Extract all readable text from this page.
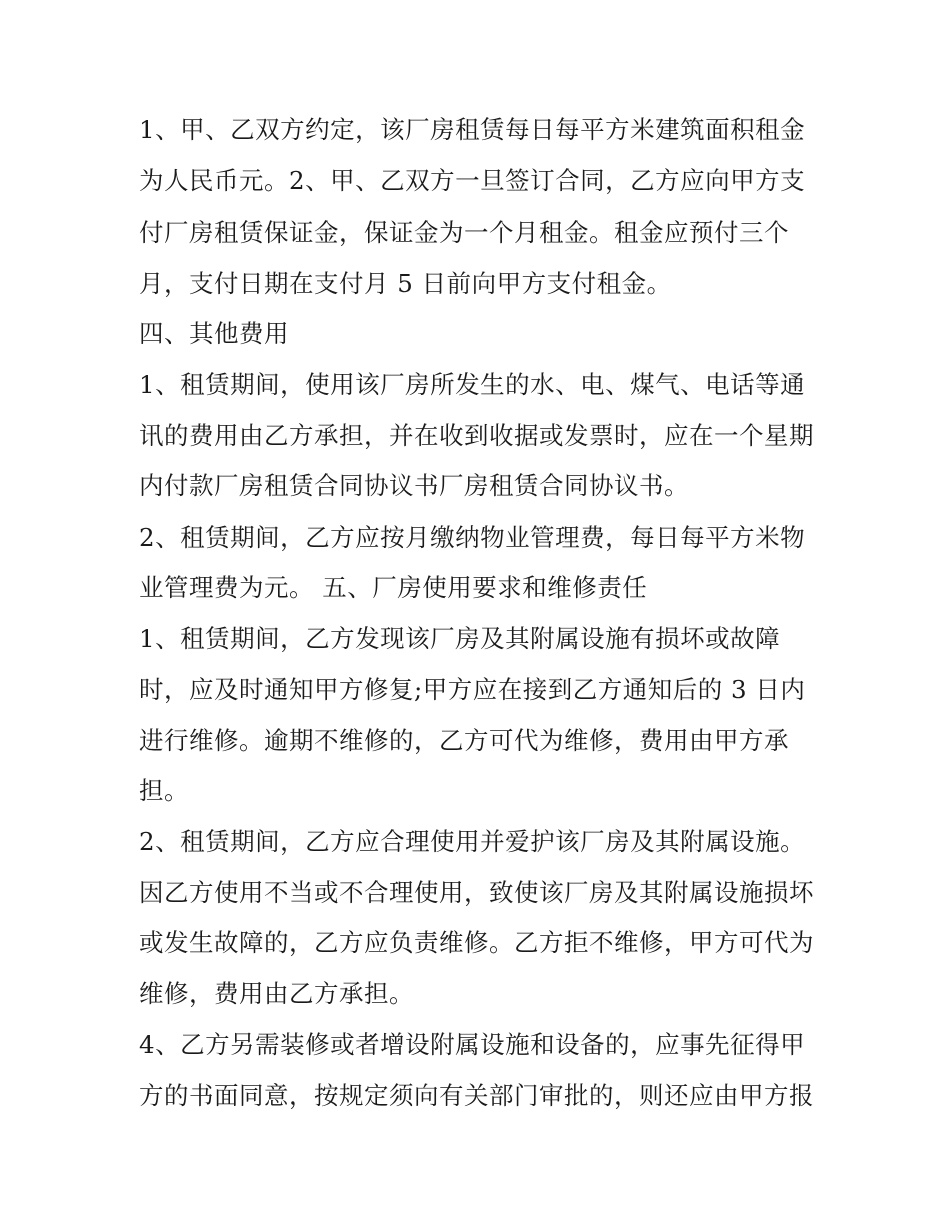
1、甲、乙双方约定，该厂房租赁每日每平方米建筑面积租金
为人民币元。2、甲、乙双方一旦签订合同，乙方应向甲方支
付厂房租赁保证金，保证金为一个月租金。租金应预付三个
月，支付日期在支付月 5 日前向甲方支付租金。
四、其他费用
1、租赁期间，使用该厂房所发生的水、电、煤气、电话等通
讯的费用由乙方承担，并在收到收据或发票时，应在一个星期
内付款厂房租赁合同协议书厂房租赁合同协议书。
2、租赁期间，乙方应按月缴纳物业管理费，每日每平方米物
业管理费为元。 五、厂房使用要求和维修责任
1、租赁期间，乙方发现该厂房及其附属设施有损坏或故障
时，应及时通知甲方修复;甲方应在接到乙方通知后的 3 日内
进行维修。逾期不维修的，乙方可代为维修，费用由甲方承
担。
2、租赁期间，乙方应合理使用并爱护该厂房及其附属设施。
因乙方使用不当或不合理使用，致使该厂房及其附属设施损坏
或发生故障的，乙方应负责维修。乙方拒不维修，甲方可代为
维修，费用由乙方承担。
4、乙方另需装修或者增设附属设施和设备的，应事先征得甲
方的书面同意，按规定须向有关部门审批的，则还应由甲方报
